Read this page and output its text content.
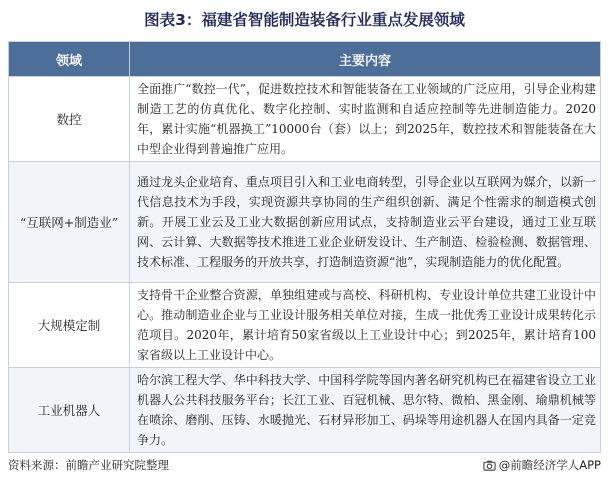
图表3：福建省智能制造装备行业重点发展领域
领域	主要内容
数控	全面推广“数控一代”，促进数控技术和智能装备在工业领域的广泛应用，引导企业构建制造工艺的仿真优化、数字化控制、实时监测和自适应控制等先进制造能力。2020年，累计实施“机器换工”10000台（套）以上；到2025年，数控技术和智能装备在大中型企业得到普遍推广应用。
“互联网+制造业”	通过龙头企业培育、重点项目引入和工业电商转型，引导企业以互联网为媒介，以新一代信息技术为手段，实现资源共享协同的生产组织创新、满足个性需求的制造模式创新。开展工业云及工业大数据创新应用试点，支持制造业云平台建设，通过工业互联网、云计算、大数据等技术推进工业企业研发设计、生产制造、检验检测、数据管理、技术标准、工程服务的开放共享，打造制造资源“池”，实现制造能力的优化配置。
大规模定制	支持骨干企业整合资源，单独组建或与高校、科研机构、专业设计单位共建工业设计中心。推动制造业企业与工业设计服务相关单位对接，生成一批优秀工业设计成果转化示范项目。2020年，累计培育50家省级以上工业设计中心；到2025年，累计培育100家省级以上工业设计中心。
工业机器人	哈尔滨工程大学、华中科技大学、中国科学院等国内著名研究机构已在福建省设立工业机器人公共科技服务平台；长江工业、百冠机械、思尔特、微柏、黑金刚、瑜鼎机械等在喷涂、磨削、压铸、水暖抛光、石材异形加工、码垛等用途机器人在国内具备一定竞争力。
资料来源：前瞻产业研究院整理	@前瞻经济学人APP
